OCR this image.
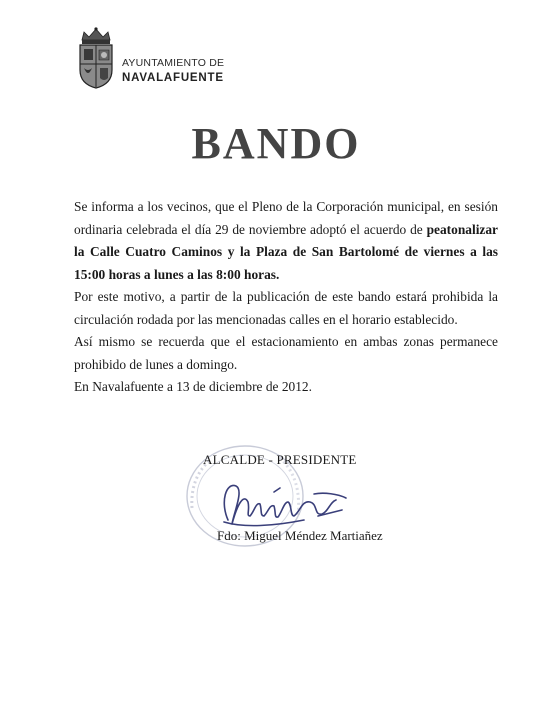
AYUNTAMIENTO DE
NAVALAFUENTE
BANDO

Se informa a los vecinos, que el Pleno de la Corporación municipal, en sesión ordinaria celebrada el día 29 de noviembre adoptó el acuerdo de peatonalizar la Calle Cuatro Caminos y la Plaza de San Bartolomé de viernes a las 15:00 horas a lunes a las 8:00 horas.

Por este motivo, a partir de la publicación de este bando estará prohibida la circulación rodada por las mencionadas calles en el horario establecido.

Así mismo se recuerda que el estacionamiento en ambas zonas permanece prohibido de lunes a domingo.

En Navalafuente a 13 de diciembre de 2012.

ALCALDE - PRESIDENTE
Fdo: Miguel Méndez Martiañez
